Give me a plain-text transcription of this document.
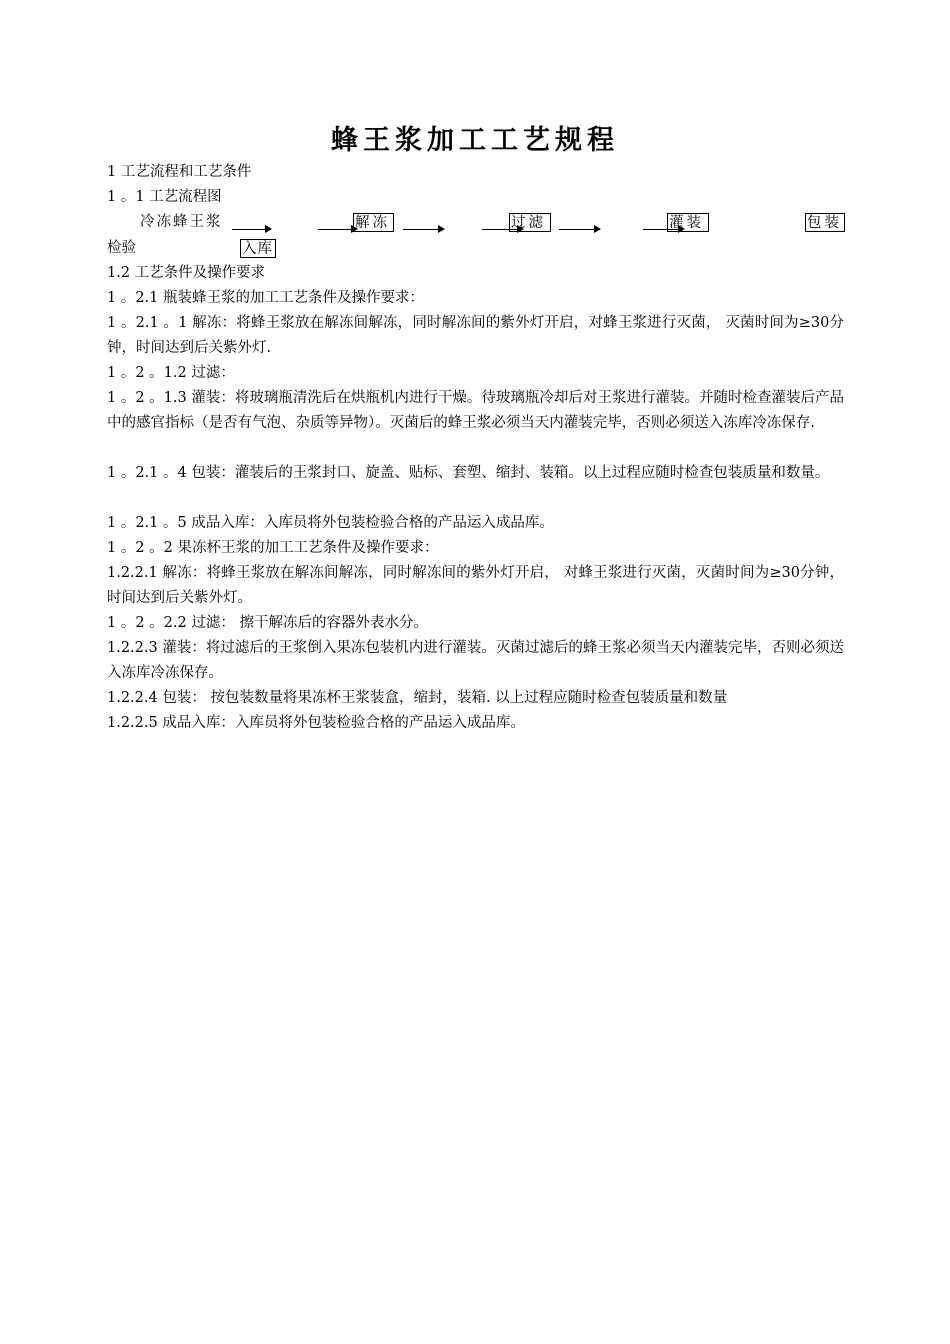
蜂王浆加工工艺规程
1 工艺流程和工艺条件
1 。1 工艺流程图
冷冻蜂王浆	解冻	过滤	灌装	包装
检验	入库
1.2 工艺条件及操作要求
1 。2.1 瓶装蜂王浆的加工工艺条件及操作要求：
1 。2.1 。1 解冻：将蜂王浆放在解冻间解冻，同时解冻间的紫外灯开启，对蜂王浆进行灭菌， 灭菌时间为≥30分钟，时间达到后关紫外灯.
1 。2 。1.2 过滤：
1 。2 。1.3 灌装：将玻璃瓶清洗后在烘瓶机内进行干燥。待玻璃瓶冷却后对王浆进行灌装。并随时检查灌装后产品中的感官指标（是否有气泡、杂质等异物）。灭菌后的蜂王浆必须当天内灌装完毕，否则必须送入冻库冷冻保存.
1 。2.1 。4 包装：灌装后的王浆封口、旋盖、贴标、套塑、缩封、装箱。以上过程应随时检查包装质量和数量。
1 。2.1 。5 成品入库：入库员将外包装检验合格的产品运入成品库。
1 。2 。2 果冻杯王浆的加工工艺条件及操作要求：
1.2.2.1 解冻：将蜂王浆放在解冻间解冻，同时解冻间的紫外灯开启， 对蜂王浆进行灭菌，灭菌时间为≥30分钟， 时间达到后关紫外灯。
1 。2 。2.2 过滤： 擦干解冻后的容器外表水分。
1.2.2.3 灌装：将过滤后的王浆倒入果冻包装机内进行灌装。灭菌过滤后的蜂王浆必须当天内灌装完毕，否则必须送入冻库冷冻保存。
1.2.2.4 包装： 按包装数量将果冻杯王浆装盒，缩封，装箱. 以上过程应随时检查包装质量和数量
1.2.2.5 成品入库：入库员将外包装检验合格的产品运入成品库。
